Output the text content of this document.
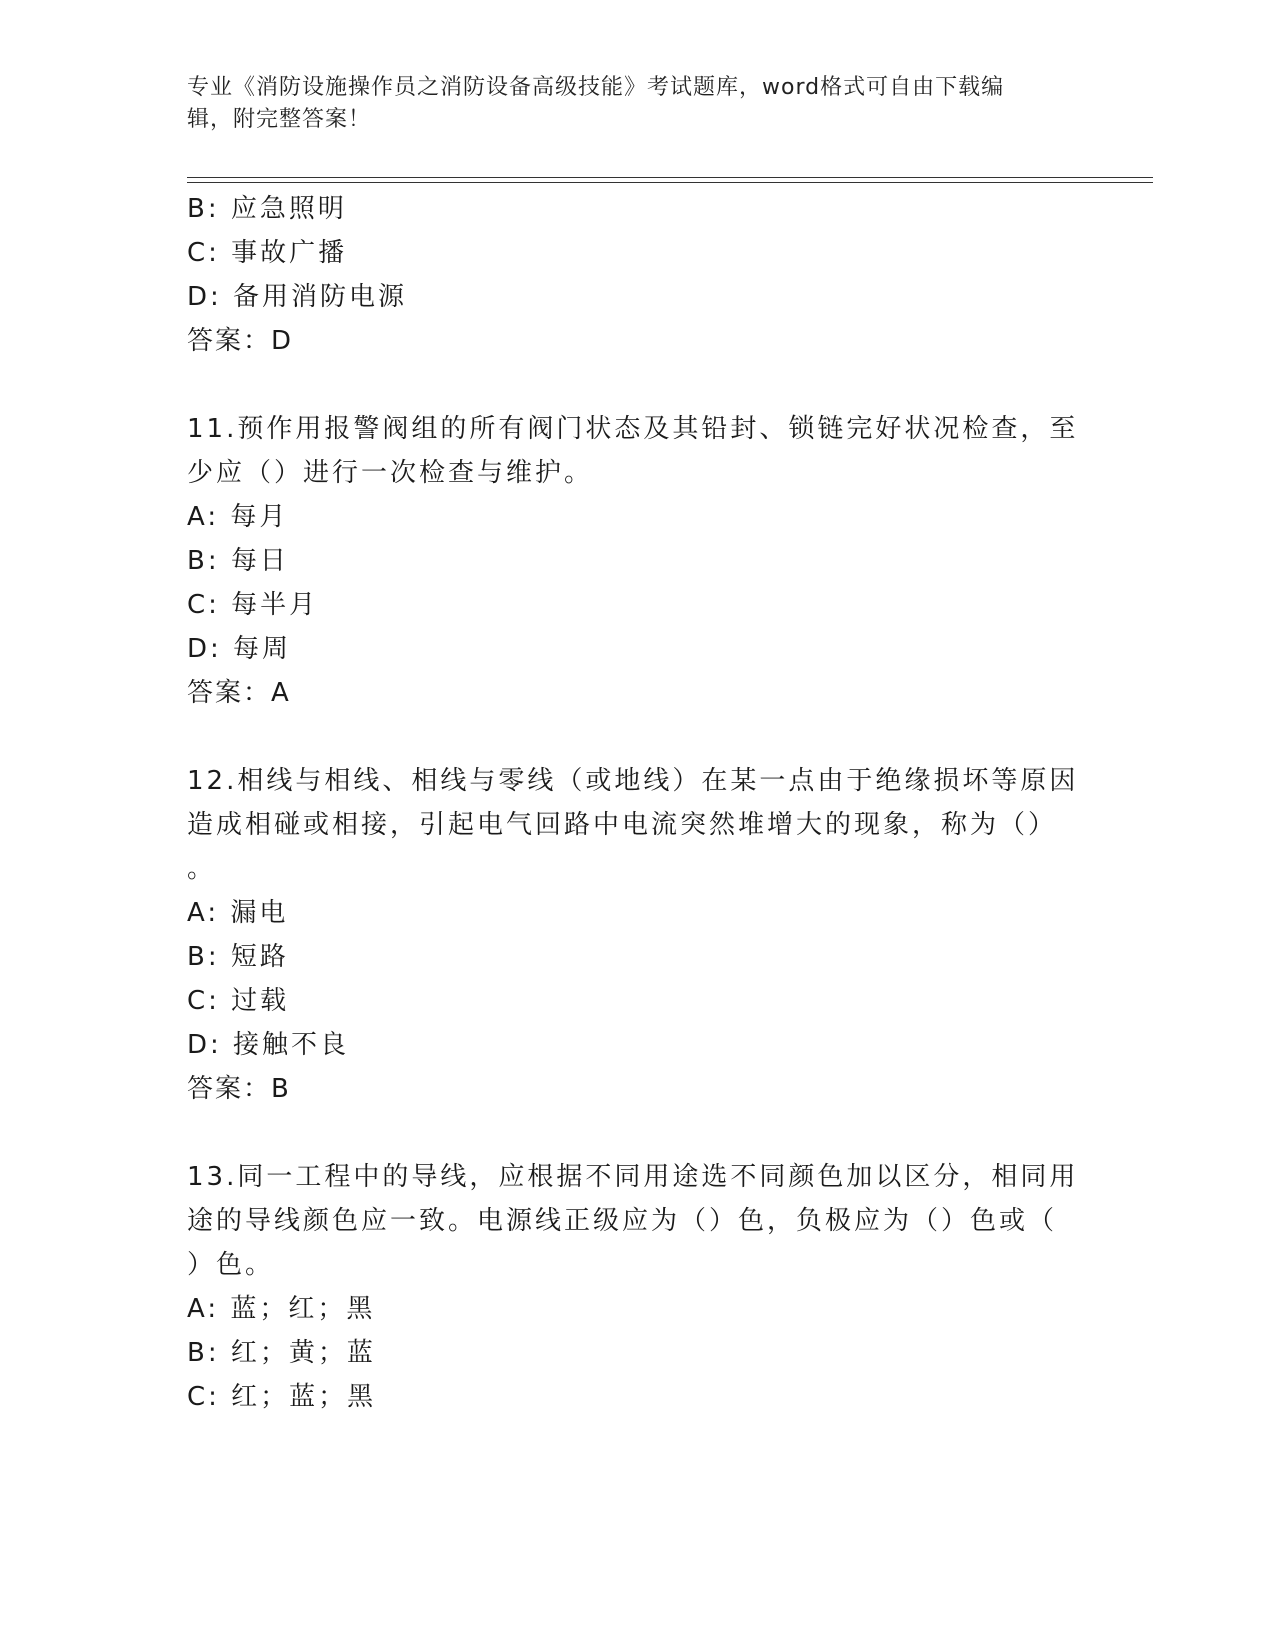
专业《消防设施操作员之消防设备高级技能》考试题库，word格式可自由下载编
辑，附完整答案！
B: 应急照明
C: 事故广播
D: 备用消防电源
答案：D
11.预作用报警阀组的所有阀门状态及其铅封、锁链完好状况检查，至
少应（）进行一次检查与维护。
A: 每月
B: 每日
C: 每半月
D: 每周
答案：A
12.相线与相线、相线与零线（或地线）在某一点由于绝缘损坏等原因
造成相碰或相接，引起电气回路中电流突然堆增大的现象，称为（）
。
A: 漏电
B: 短路
C: 过载
D: 接触不良
答案：B
13.同一工程中的导线，应根据不同用途选不同颜色加以区分，相同用
途的导线颜色应一致。电源线正级应为（）色，负极应为（）色或（
）色。
A: 蓝；红；黑
B: 红；黄；蓝
C: 红；蓝；黑
